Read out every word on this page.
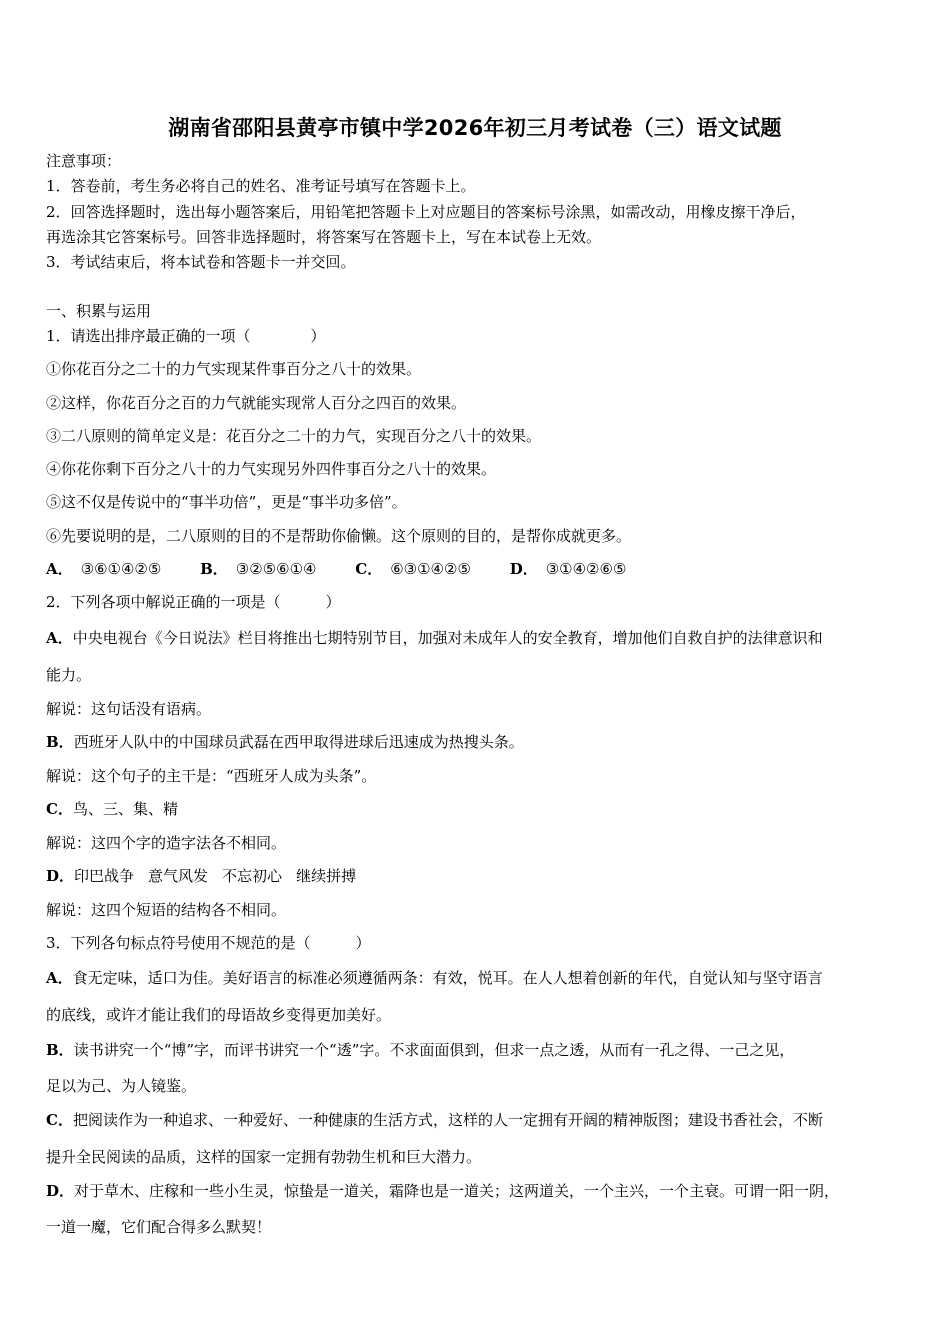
湖南省邵阳县黄亭市镇中学2026年初三月考试卷（三）语文试题
注意事项：
1．答卷前，考生务必将自己的姓名、准考证号填写在答题卡上。
2．回答选择题时，选出每小题答案后，用铅笔把答题卡上对应题目的答案标号涂黑，如需改动，用橡皮擦干净后，
再选涂其它答案标号。回答非选择题时，将答案写在答题卡上，写在本试卷上无效。
3．考试结束后，将本试卷和答题卡一并交回。
一、积累与运用
1．请选出排序最正确的一项（　　　　）
①你花百分之二十的力气实现某件事百分之八十的效果。
②这样，你花百分之百的力气就能实现常人百分之四百的效果。
③二八原则的简单定义是：花百分之二十的力气，实现百分之八十的效果。
④你花你剩下百分之八十的力气实现另外四件事百分之八十的效果。
⑤这不仅是传说中的“事半功倍”，更是“事半功多倍”。
⑥先要说明的是，二八原则的目的不是帮助你偷懒。这个原则的目的，是帮你成就更多。
A． ③⑥①④②⑤	B． ③②⑤⑥①④	C． ⑥③①④②⑤	D． ③①④②⑥⑤
2．下列各项中解说正确的一项是（　　　）
A．中央电视台《今日说法》栏目将推出七期特别节目，加强对未成年人的安全教育，增加他们自救自护的法律意识和
能力。
解说：这句话没有语病。
B．西班牙人队中的中国球员武磊在西甲取得进球后迅速成为热搜头条。
解说：这个句子的主干是：“西班牙人成为头条”。
C．鸟、三、集、精
解说：这四个字的造字法各不相同。
D．印巴战争 意气风发 不忘初心 继续拼搏
解说：这四个短语的结构各不相同。
3．下列各句标点符号使用不规范的是（　　　）
A．食无定味，适口为佳。美好语言的标准必须遵循两条：有效，悦耳。在人人想着创新的年代，自觉认知与坚守语言
的底线，或许才能让我们的母语故乡变得更加美好。
B．读书讲究一个“博”字，而评书讲究一个“透”字。不求面面俱到，但求一点之透，从而有一孔之得、一己之见，
足以为己、为人镜鉴。
C．把阅读作为一种追求、一种爱好、一种健康的生活方式，这样的人一定拥有开阔的精神版图；建设书香社会，不断
提升全民阅读的品质，这样的国家一定拥有勃勃生机和巨大潜力。
D．对于草木、庄稼和一些小生灵，惊蛰是一道关，霜降也是一道关；这两道关，一个主兴，一个主衰。可谓一阳一阴，
一道一魔，它们配合得多么默契！
